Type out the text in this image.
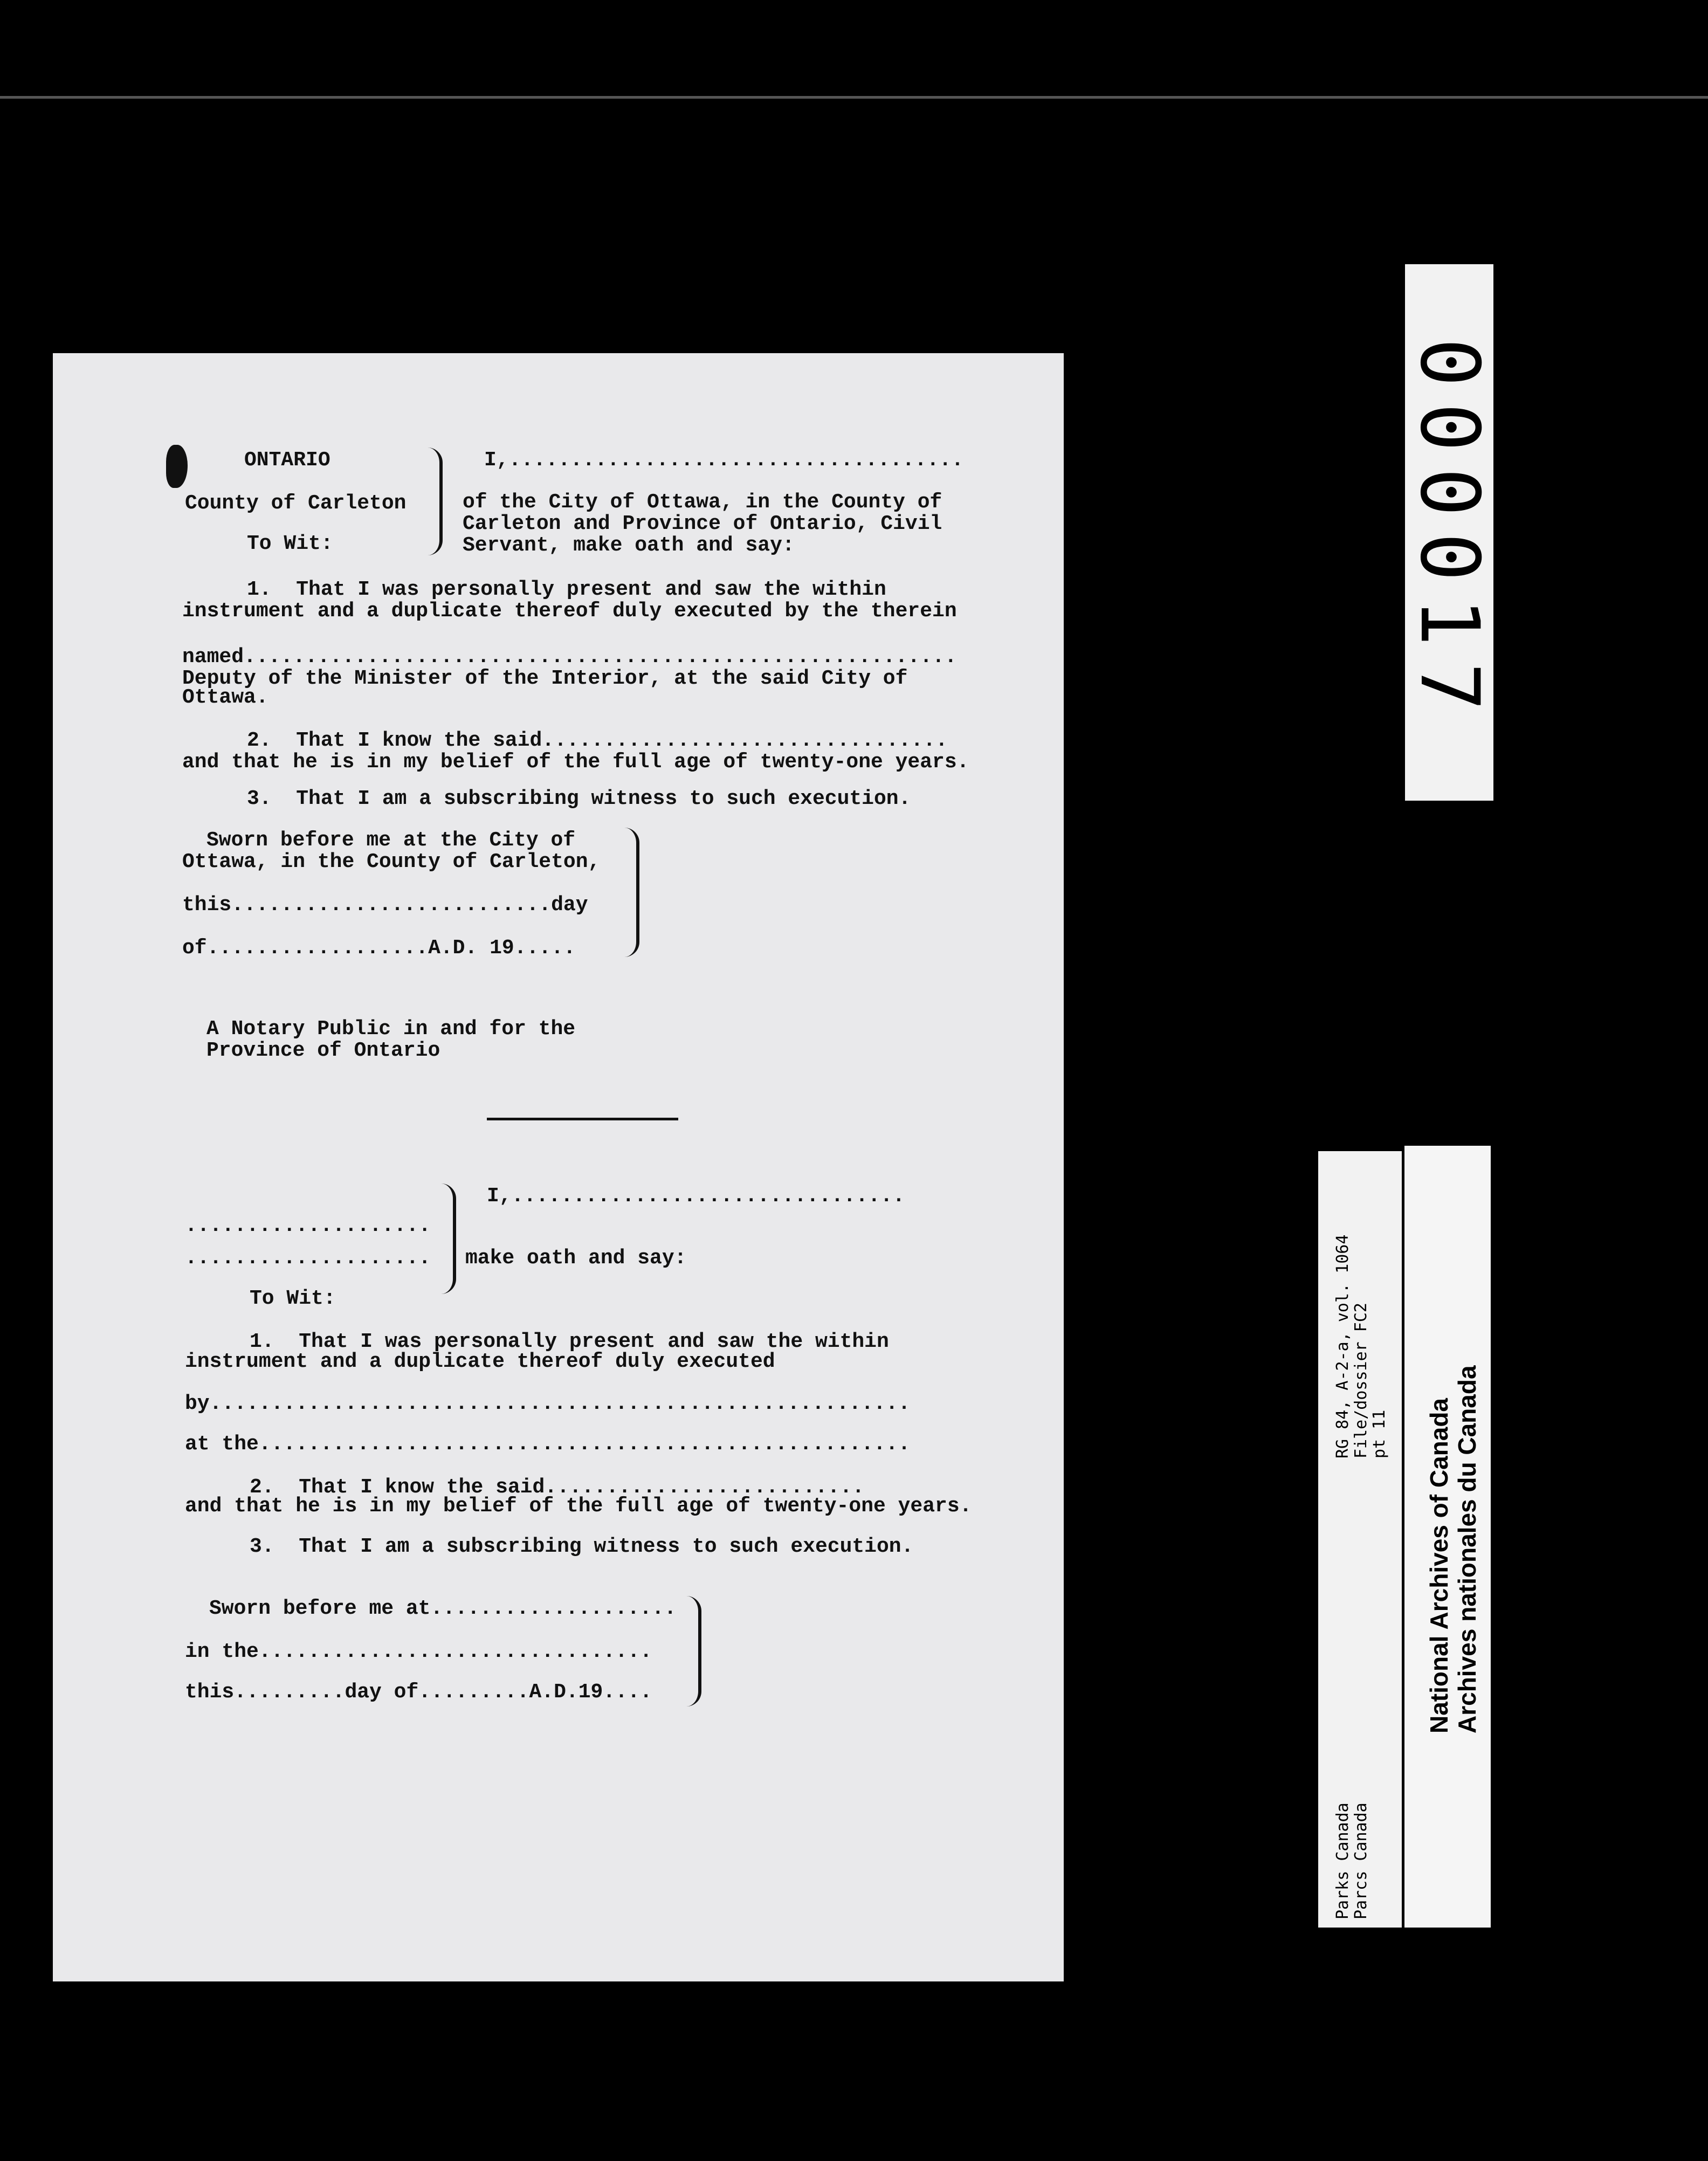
ONTARIO
County of Carleton
To Wit:
I,.....................................
of the City of Ottawa, in the County of
Carleton and Province of Ontario, Civil
Servant, make oath and say:
1.  That I was personally present and saw the within
instrument and a duplicate thereof duly executed by the therein
named..........................................................
Deputy of the Minister of the Interior, at the said City of
Ottawa.
2.  That I know the said.................................
and that he is in my belief of the full age of twenty-one years.
3.  That I am a subscribing witness to such execution.
Sworn before me at the City of
Ottawa, in the County of Carleton,
this..........................day
of..................A.D. 19.....
A Notary Public in and for the
Province of Ontario
I,................................
....................
.................... make oath and say:
To Wit:
1.  That I was personally present and saw the within
instrument and a duplicate thereof duly executed
by.........................................................
at the.....................................................
2.  That I know the said..........................
and that he is in my belief of the full age of twenty-one years.
3.  That I am a subscribing witness to such execution.
Sworn before me at....................
in the................................
this.........day of.........A.D.19....
000017
Parks Canada Parcs Canada
RG 84, A-2-a, vol. 1064 File/dossier FC2 pt 11 National Archives of Canada Archives nationales du Canada
